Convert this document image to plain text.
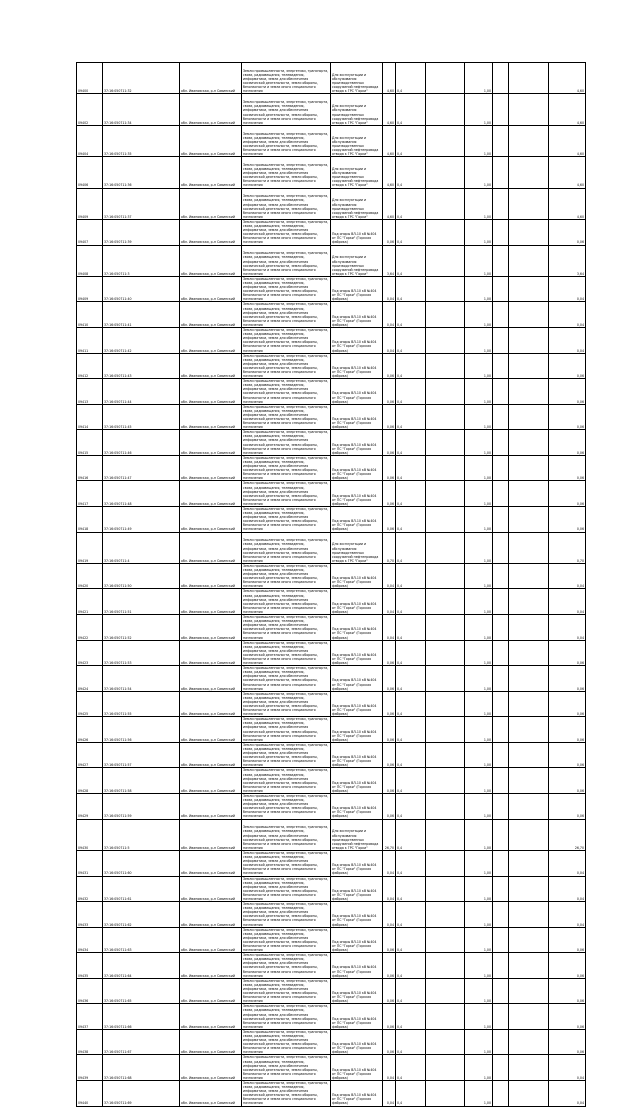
09400	37:16:050711:32	обл. Ивановская, р-н Савинский	Земли промышленности, энергетики, транспорта, связи, радиовещания, телевидения, информатики, земли для обеспечения космической деятельности, земли обороны, безопасности и земли иного специального назначения	Для эксплуатации и обслуживания производственных сооружений нефтепровода отвода к ГРС "Горки"	4,60	0,4		1,00			4,60
09402	37:16:050711:34	обл. Ивановская, р-н Савинский	Земли промышленности, энергетики, транспорта, связи, радиовещания, телевидения, информатики, земли для обеспечения космической деятельности, земли обороны, безопасности и земли иного специального назначения	Для эксплуатации и обслуживания производственных сооружений нефтепровода отвода к ГРС "Горки"	4,60	0,4		1,00			4,60
09404	37:16:050711:35	обл. Ивановская, р-н Савинский	Земли промышленности, энергетики, транспорта, связи, радиовещания, телевидения, информатики, земли для обеспечения космической деятельности, земли обороны, безопасности и земли иного специального назначения	Для эксплуатации и обслуживания производственных сооружений нефтепровода отвода к ГРС "Горки"	4,60	0,4		1,00			4,60
09406	37:16:050711:36	обл. Ивановская, р-н Савинский	Земли промышленности, энергетики, транспорта, связи, радиовещания, телевидения, информатики, земли для обеспечения космической деятельности, земли обороны, безопасности и земли иного специального назначения	Для эксплуатации и обслуживания производственных сооружений нефтепровода отвода к ГРС "Горки"	4,60	0,4		1,00			4,60
09409	37:16:050711:37	обл. Ивановская, р-н Савинский	Земли промышленности, энергетики, транспорта, связи, радиовещания, телевидения, информатики, земли для обеспечения космической деятельности, земли обороны, безопасности и земли иного специального назначения	Для эксплуатации и обслуживания производственных сооружений нефтепровода отвода к ГРС "Горки"	4,60	0,4		1,00			4,60
09407	37:16:050711:39	обл. Ивановская, р-н Савинский	Земли промышленности, энергетики, транспорта, связи, радиовещания, телевидения, информатики, земли для обеспечения космической деятельности, земли обороны, безопасности и земли иного специального назначения	Под опоры ВЛ-10 кВ №404 от ПС "Горки" (Горская фабрика)	0,06	0,4		1,00			0,06
09408	37:16:050711:3	обл. Ивановская, р-н Савинский	Земли промышленности, энергетики, транспорта, связи, радиовещания, телевидения, информатики, земли для обеспечения космической деятельности, земли обороны, безопасности и земли иного специального назначения	Для эксплуатации и обслуживания производственных сооружений нефтепровода отвода к ГРС "Горки"	3,64	0,4		1,00			3,64
09409	37:16:050711:40	обл. Ивановская, р-н Савинский	Земли промышленности, энергетики, транспорта, связи, радиовещания, телевидения, информатики, земли для обеспечения космической деятельности, земли обороны, безопасности и земли иного специального назначения	Под опоры ВЛ-10 кВ №404 от ПС "Горки" (Горская фабрика)	0,04	0,4		1,00			0,04
09410	37:16:050711:41	обл. Ивановская, р-н Савинский	Земли промышленности, энергетики, транспорта, связи, радиовещания, телевидения, информатики, земли для обеспечения космической деятельности, земли обороны, безопасности и земли иного специального назначения	Под опоры ВЛ-10 кВ №404 от ПС "Горки" (Горская фабрика)	0,04	0,4		1,00			0,04
09411	37:16:050711:42	обл. Ивановская, р-н Савинский	Земли промышленности, энергетики, транспорта, связи, радиовещания, телевидения, информатики, земли для обеспечения космической деятельности, земли обороны, безопасности и земли иного специального назначения	Под опоры ВЛ-10 кВ №404 от ПС "Горки" (Горская фабрика)	0,04	0,4		1,00			0,04
09412	37:16:050711:43	обл. Ивановская, р-н Савинский	Земли промышленности, энергетики, транспорта, связи, радиовещания, телевидения, информатики, земли для обеспечения космической деятельности, земли обороны, безопасности и земли иного специального назначения	Под опоры ВЛ-10 кВ №404 от ПС "Горки" (Горская фабрика)	0,06	0,4		1,00			0,06
09413	37:16:050711:44	обл. Ивановская, р-н Савинский	Земли промышленности, энергетики, транспорта, связи, радиовещания, телевидения, информатики, земли для обеспечения космической деятельности, земли обороны, безопасности и земли иного специального назначения	Под опоры ВЛ-10 кВ №404 от ПС "Горки" (Горская фабрика)	0,06	0,4		1,00			0,06
09414	37:16:050711:45	обл. Ивановская, р-н Савинский	Земли промышленности, энергетики, транспорта, связи, радиовещания, телевидения, информатики, земли для обеспечения космической деятельности, земли обороны, безопасности и земли иного специального назначения	Под опоры ВЛ-10 кВ №404 от ПС "Горки" (Горская фабрика)	0,06	0,4		1,00			0,06
09415	37:16:050711:46	обл. Ивановская, р-н Савинский	Земли промышленности, энергетики, транспорта, связи, радиовещания, телевидения, информатики, земли для обеспечения космической деятельности, земли обороны, безопасности и земли иного специального назначения	Под опоры ВЛ-10 кВ №404 от ПС "Горки" (Горская фабрика)	0,06	0,4		1,00			0,06
09416	37:16:050711:47	обл. Ивановская, р-н Савинский	Земли промышленности, энергетики, транспорта, связи, радиовещания, телевидения, информатики, земли для обеспечения космической деятельности, земли обороны, безопасности и земли иного специального назначения	Под опоры ВЛ-10 кВ №404 от ПС "Горки" (Горская фабрика)	0,06	0,4		1,00			0,06
09417	37:16:050711:48	обл. Ивановская, р-н Савинский	Земли промышленности, энергетики, транспорта, связи, радиовещания, телевидения, информатики, земли для обеспечения космической деятельности, земли обороны, безопасности и земли иного специального назначения	Под опоры ВЛ-10 кВ №404 от ПС "Горки" (Горская фабрика)	0,06	0,4		1,00			0,06
09418	37:16:050711:49	обл. Ивановская, р-н Савинский	Земли промышленности, энергетики, транспорта, связи, радиовещания, телевидения, информатики, земли для обеспечения космической деятельности, земли обороны, безопасности и земли иного специального назначения	Под опоры ВЛ-10 кВ №404 от ПС "Горки" (Горская фабрика)	0,06	0,4		1,00			0,06
09419	37:16:050711:4	обл. Ивановская, р-н Савинский	Земли промышленности, энергетики, транспорта, связи, радиовещания, телевидения, информатики, земли для обеспечения космической деятельности, земли обороны, безопасности и земли иного специального назначения	Для эксплуатации и обслуживания производственных сооружений нефтепровода отвода к ГРС "Горки"	0,70	0,4		1,00			0,70
09420	37:16:050711:50	обл. Ивановская, р-н Савинский	Земли промышленности, энергетики, транспорта, связи, радиовещания, телевидения, информатики, земли для обеспечения космической деятельности, земли обороны, безопасности и земли иного специального назначения	Под опоры ВЛ-10 кВ №404 от ПС "Горки" (Горская фабрика)	0,04	0,4		1,00			0,04
09421	37:16:050711:51	обл. Ивановская, р-н Савинский	Земли промышленности, энергетики, транспорта, связи, радиовещания, телевидения, информатики, земли для обеспечения космической деятельности, земли обороны, безопасности и земли иного специального назначения	Под опоры ВЛ-10 кВ №404 от ПС "Горки" (Горская фабрика)	0,04	0,4		1,00			0,04
09422	37:16:050711:52	обл. Ивановская, р-н Савинский	Земли промышленности, энергетики, транспорта, связи, радиовещания, телевидения, информатики, земли для обеспечения космической деятельности, земли обороны, безопасности и земли иного специального назначения	Под опоры ВЛ-10 кВ №404 от ПС "Горки" (Горская фабрика)	0,04	0,4		1,00			0,04
09423	37:16:050711:53	обл. Ивановская, р-н Савинский	Земли промышленности, энергетики, транспорта, связи, радиовещания, телевидения, информатики, земли для обеспечения космической деятельности, земли обороны, безопасности и земли иного специального назначения	Под опоры ВЛ-10 кВ №404 от ПС "Горки" (Горская фабрика)	0,06	0,4		1,00			0,06
09424	37:16:050711:54	обл. Ивановская, р-н Савинский	Земли промышленности, энергетики, транспорта, связи, радиовещания, телевидения, информатики, земли для обеспечения космической деятельности, земли обороны, безопасности и земли иного специального назначения	Под опоры ВЛ-10 кВ №404 от ПС "Горки" (Горская фабрика)	0,06	0,4		1,00			0,06
09425	37:16:050711:55	обл. Ивановская, р-н Савинский	Земли промышленности, энергетики, транспорта, связи, радиовещания, телевидения, информатики, земли для обеспечения космической деятельности, земли обороны, безопасности и земли иного специального назначения	Под опоры ВЛ-10 кВ №404 от ПС "Горки" (Горская фабрика)	0,06	0,4		1,00			0,06
09426	37:16:050711:56	обл. Ивановская, р-н Савинский	Земли промышленности, энергетики, транспорта, связи, радиовещания, телевидения, информатики, земли для обеспечения космической деятельности, земли обороны, безопасности и земли иного специального назначения	Под опоры ВЛ-10 кВ №404 от ПС "Горки" (Горская фабрика)	0,06	0,4		1,00			0,06
09427	37:16:050711:57	обл. Ивановская, р-н Савинский	Земли промышленности, энергетики, транспорта, связи, радиовещания, телевидения, информатики, земли для обеспечения космической деятельности, земли обороны, безопасности и земли иного специального назначения	Под опоры ВЛ-10 кВ №404 от ПС "Горки" (Горская фабрика)	0,06	0,4		1,00			0,06
09428	37:16:050711:58	обл. Ивановская, р-н Савинский	Земли промышленности, энергетики, транспорта, связи, радиовещания, телевидения, информатики, земли для обеспечения космической деятельности, земли обороны, безопасности и земли иного специального назначения	Под опоры ВЛ-10 кВ №404 от ПС "Горки" (Горская фабрика)	0,06	0,4		1,00			0,06
09429	37:16:050711:59	обл. Ивановская, р-н Савинский	Земли промышленности, энергетики, транспорта, связи, радиовещания, телевидения, информатики, земли для обеспечения космической деятельности, земли обороны, безопасности и земли иного специального назначения	Под опоры ВЛ-10 кВ №404 от ПС "Горки" (Горская фабрика)	0,06	0,4		1,00			0,06
09430	37:16:050711:5	обл. Ивановская, р-н Савинский	Земли промышленности, энергетики, транспорта, связи, радиовещания, телевидения, информатики, земли для обеспечения космической деятельности, земли обороны, безопасности и земли иного специального назначения	Для эксплуатации и обслуживания производственных сооружений нефтепровода отвода к ГРС "Горки"	26,70	0,4		1,00			26,70
09431	37:16:050711:60	обл. Ивановская, р-н Савинский	Земли промышленности, энергетики, транспорта, связи, радиовещания, телевидения, информатики, земли для обеспечения космической деятельности, земли обороны, безопасности и земли иного специального назначения	Под опоры ВЛ-10 кВ №404 от ПС "Горки" (Горская фабрика)	0,04	0,4		1,00			0,04
09432	37:16:050711:61	обл. Ивановская, р-н Савинский	Земли промышленности, энергетики, транспорта, связи, радиовещания, телевидения, информатики, земли для обеспечения космической деятельности, земли обороны, безопасности и земли иного специального назначения	Под опоры ВЛ-10 кВ №404 от ПС "Горки" (Горская фабрика)	0,04	0,4		1,00			0,04
09433	37:16:050711:62	обл. Ивановская, р-н Савинский	Земли промышленности, энергетики, транспорта, связи, радиовещания, телевидения, информатики, земли для обеспечения космической деятельности, земли обороны, безопасности и земли иного специального назначения	Под опоры ВЛ-10 кВ №404 от ПС "Горки" (Горская фабрика)	0,04	0,4		1,00			0,04
09434	37:16:050711:63	обл. Ивановская, р-н Савинский	Земли промышленности, энергетики, транспорта, связи, радиовещания, телевидения, информатики, земли для обеспечения космической деятельности, земли обороны, безопасности и земли иного специального назначения	Под опоры ВЛ-10 кВ №404 от ПС "Горки" (Горская фабрика)	0,06	0,4		1,00			0,06
09435	37:16:050711:64	обл. Ивановская, р-н Савинский	Земли промышленности, энергетики, транспорта, связи, радиовещания, телевидения, информатики, земли для обеспечения космической деятельности, земли обороны, безопасности и земли иного специального назначения	Под опоры ВЛ-10 кВ №404 от ПС "Горки" (Горская фабрика)	0,06	0,4		1,00			0,06
09436	37:16:050711:65	обл. Ивановская, р-н Савинский	Земли промышленности, энергетики, транспорта, связи, радиовещания, телевидения, информатики, земли для обеспечения космической деятельности, земли обороны, безопасности и земли иного специального назначения	Под опоры ВЛ-10 кВ №404 от ПС "Горки" (Горская фабрика)	0,06	0,4		1,00			0,06
09437	37:16:050711:66	обл. Ивановская, р-н Савинский	Земли промышленности, энергетики, транспорта, связи, радиовещания, телевидения, информатики, земли для обеспечения космической деятельности, земли обороны, безопасности и земли иного специального назначения	Под опоры ВЛ-10 кВ №404 от ПС "Горки" (Горская фабрика)	0,06	0,4		1,00			0,06
09438	37:16:050711:67	обл. Ивановская, р-н Савинский	Земли промышленности, энергетики, транспорта, связи, радиовещания, телевидения, информатики, земли для обеспечения космической деятельности, земли обороны, безопасности и земли иного специального назначения	Под опоры ВЛ-10 кВ №404 от ПС "Горки" (Горская фабрика)	0,06	0,4		1,00			0,06
09439	37:16:050711:68	обл. Ивановская, р-н Савинский	Земли промышленности, энергетики, транспорта, связи, радиовещания, телевидения, информатики, земли для обеспечения космической деятельности, земли обороны, безопасности и земли иного специального назначения	Под опоры ВЛ-10 кВ №404 от ПС "Горки" (Горская фабрика)	0,04	0,4		1,00			0,04
09440	37:16:050711:69	обл. Ивановская, р-н Савинский	Земли промышленности, энергетики, транспорта, связи, радиовещания, телевидения, информатики, земли для обеспечения космической деятельности, земли обороны, безопасности и земли иного специального назначения	Под опоры ВЛ-10 кВ №404 от ПС "Горки" (Горская фабрика)	0,04	0,4		1,00			0,04
